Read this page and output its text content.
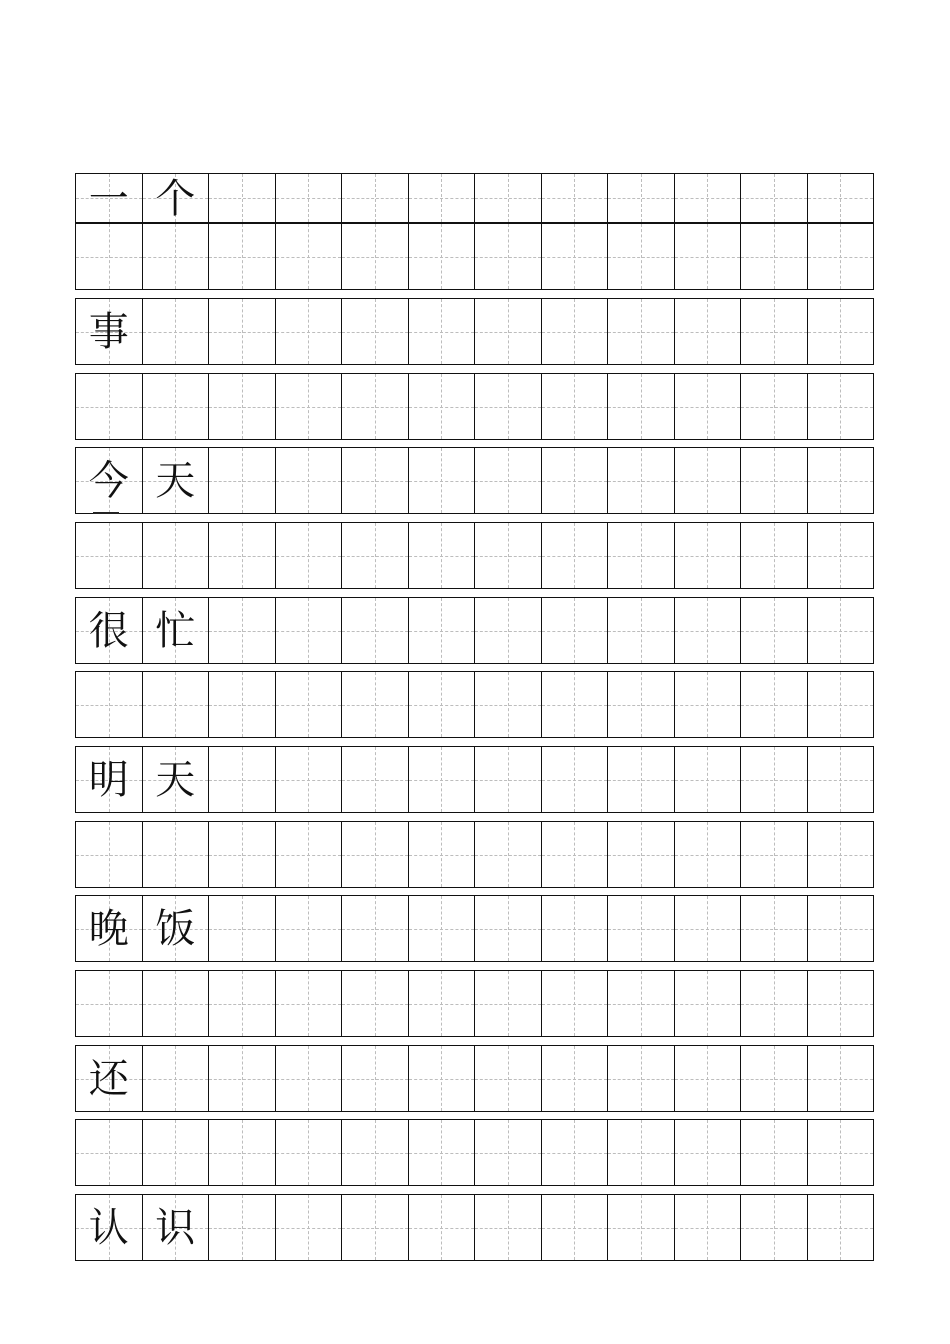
一 个
事
今 天
很 忙
明 天
晚 饭
还
认 识
